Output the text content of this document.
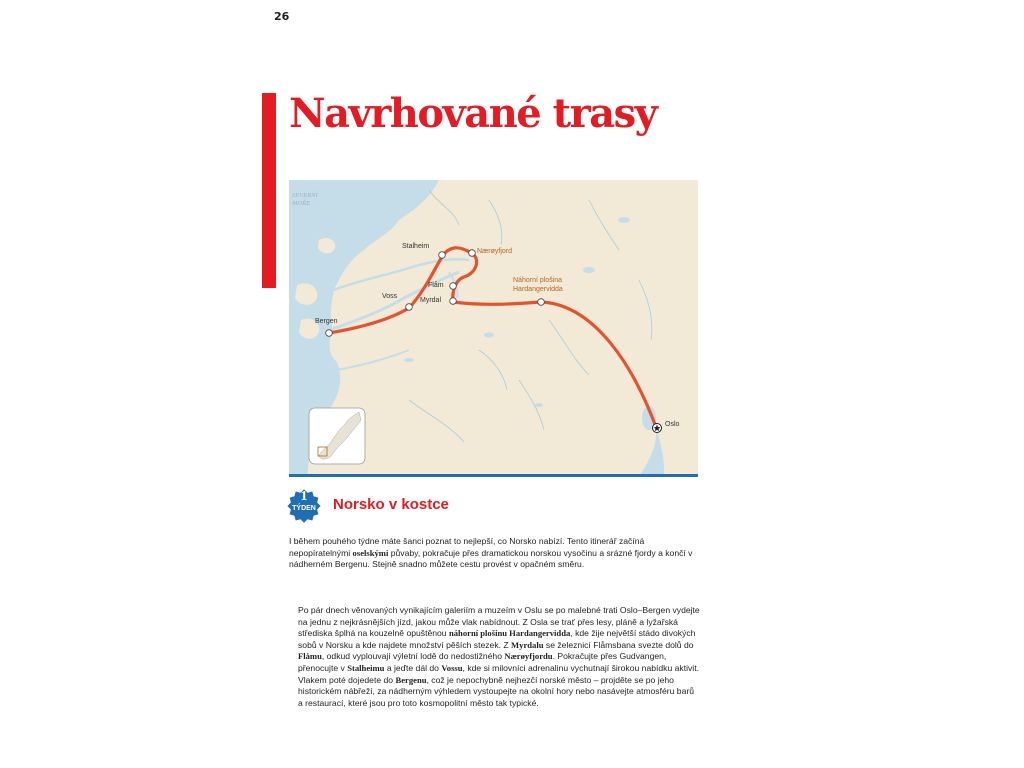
26
Navrhované trasy
SEVERNÍ
MOŘE
Bergen
Voss
Stalheim
Nærøyfjord
Flåm
Myrdal
Náhorní plošina
Hardangervidda
Oslo
1
TÝDEN	Norsko v kostce
I během pouhého týdne máte šanci poznat to nejlepší, co Norsko nabízí. Tento itinerář začíná nepopíratelnými oselskými půvaby, pokračuje přes dramatickou norskou vysočinu a srázné fjordy a končí v nádherném Bergenu. Stejně snadno můžete cestu provést v opačném směru.
Po pár dnech věnovaných vynikajícím galeriím a muzeím v Oslu se po malebné trati Oslo–Bergen vydejte na jednu z nejkrásnějších jízd, jakou může vlak nabídnout. Z Osla se trať přes lesy, pláně a lyžařská střediska šplhá na kouzelně opuštěnou náhorní plošinu Hardangervidda, kde žije největší stádo divokých sobů v Norsku a kde najdete množství pěších stezek. Z Myrdalu se železnicí Flåmsbana svezte dolů do Flåmu, odkud vyplouvají výletní lodě do nedostižného Nærøyfjordu. Pokračujte přes Gudvangen, přenocujte v Stalheimu a jeďte dál do Vossu, kde si milovníci adrenalinu vychutnají širokou nabídku aktivit. Vlakem poté dojedete do Bergenu, což je nepochybně nejhezčí norské město – projděte se po jeho historickém nábřeží, za nádherným výhledem vystoupejte na okolní hory nebo nasávejte atmosféru barů a restaurací, které jsou pro toto kosmopolitní město tak typické.
